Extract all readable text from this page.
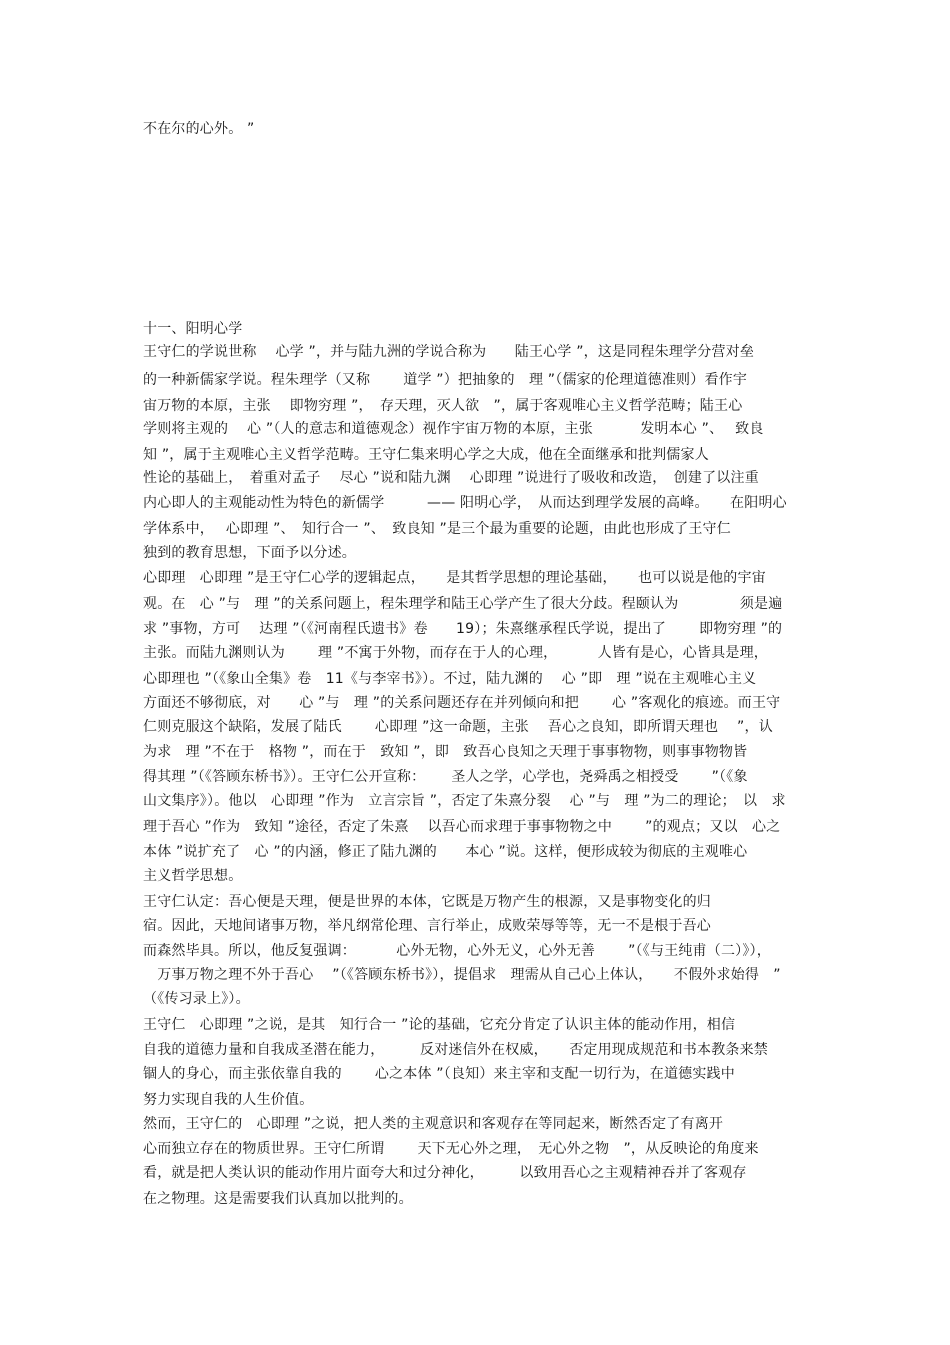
不在尔的心外。 ”
十一、阳明心学
王守仁的学说世称　 心学 ”，并与陆九洲的学说合称为　　陆王心学 ”，这是同程朱理学分营对垒
的一种新儒家学说。程朱理学（又称　　 道学 ”）把抽象的　理 ”（儒家的伦理道德准则）看作宇
宙万物的本原，主张　 即物穷理 ”，　存天理，灭人欲　”，属于客观唯心主义哲学范畴；陆王心
学则将主观的　 心 ”（人的意志和道德观念）视作宇宙万物的本原，主张　　　 发明本心 ”、　 致良
知 ”，属于主观唯心主义哲学范畴。王守仁集来明心学之大成，他在全面继承和批判儒家人
性论的基础上，　着重对孟子　 尽心 ”说和陆九渊　 心即理 ”说进行了吸收和改造，　创建了以注重
内心即人的主观能动性为特色的新儒学　　　—— 阳明心学，　从而达到理学发展的高峰。　　在阳明心
学体系中，　 心即理 ”、　知行合一 ”、　致良知 ”是三个最为重要的论题，由此也形成了王守仁
独到的教育思想，下面予以分述。
心即理　心即理 ”是王守仁心学的逻辑起点，　　是其哲学思想的理论基础，　　也可以说是他的宇宙
观。在　心 ”与　理 ”的关系问题上，程朱理学和陆王心学产生了很大分歧。程颐认为　　　　 须是遍
求 ”事物，方可　 达理 ”（《河南程氏遗书》卷　　19）；朱熹继承程氏学说，提出了　　 即物穷理 ”的
主张。而陆九渊则认为　　 理 ”不寓于外物，而存在于人的心理，　　　 人皆有是心，心皆具是理，
心即理也 ”（《象山全集》卷　11《与李宰书》）。不过，陆九渊的　 心 ”即　理 ”说在主观唯心主义
方面还不够彻底，对　　心 ”与　理 ”的关系问题还存在并列倾向和把　　 心 ”客观化的痕迹。而王守
仁则克服这个缺陷，发展了陆氏　　 心即理 ”这一命题，主张　 吾心之良知，即所谓天理也　 ”，认
为求　理 ”不在于　格物 ”，而在于　致知 ”，即　致吾心良知之天理于事事物物，则事事物物皆
得其理 ”（《答顾东桥书》）。王守仁公开宣称：　　 圣人之学，心学也，尧舜禹之相授受　　 ”（《象
山文集序》）。他以　心即理 ”作为　立言宗旨 ”，否定了朱熹分裂　 心 ”与　理 ”为二的理论；　以　求
理于吾心 ”作为　致知 ”途径，否定了朱熹　 以吾心而求理于事事物物之中　　 ”的观点；又以　心之
本体 ”说扩充了　心 ”的内涵，修正了陆九渊的　　本心 ”说。这样，便形成较为彻底的主观唯心
主义哲学思想。
王守仁认定：吾心便是天理，便是世界的本体，它既是万物产生的根源，又是事物变化的归
宿。因此，天地间诸事万物，举凡纲常伦理、言行举止，成败荣辱等等，无一不是根于吾心
而森然毕具。所以，他反复强调：　　　 心外无物，心外无义，心外无善　　 ”（《与王纯甫（二）》），
　万事万物之理不外于吾心　 ”（《答顾东桥书》），提倡求　理需从自己心上体认，　　不假外求始得　”
（《传习录上》）。
王守仁　心即理 ”之说，是其　知行合一 ”论的基础，它充分肯定了认识主体的能动作用，相信
自我的道德力量和自我成圣潜在能力，　　　反对迷信外在权威，　　否定用现成规范和书本教条来禁
锢人的身心，而主张依靠自我的　　 心之本体 ”（良知）来主宰和支配一切行为，在道德实践中
努力实现自我的人生价值。
然而，王守仁的　心即理 ”之说，把人类的主观意识和客观存在等同起来，断然否定了有离开
心而独立存在的物质世界。王守仁所谓　　 天下无心外之理，　无心外之物　”，从反映论的角度来
看，就是把人类认识的能动作用片面夸大和过分神化，　　　以致用吾心之主观精神吞并了客观存
在之物理。这是需要我们认真加以批判的。
